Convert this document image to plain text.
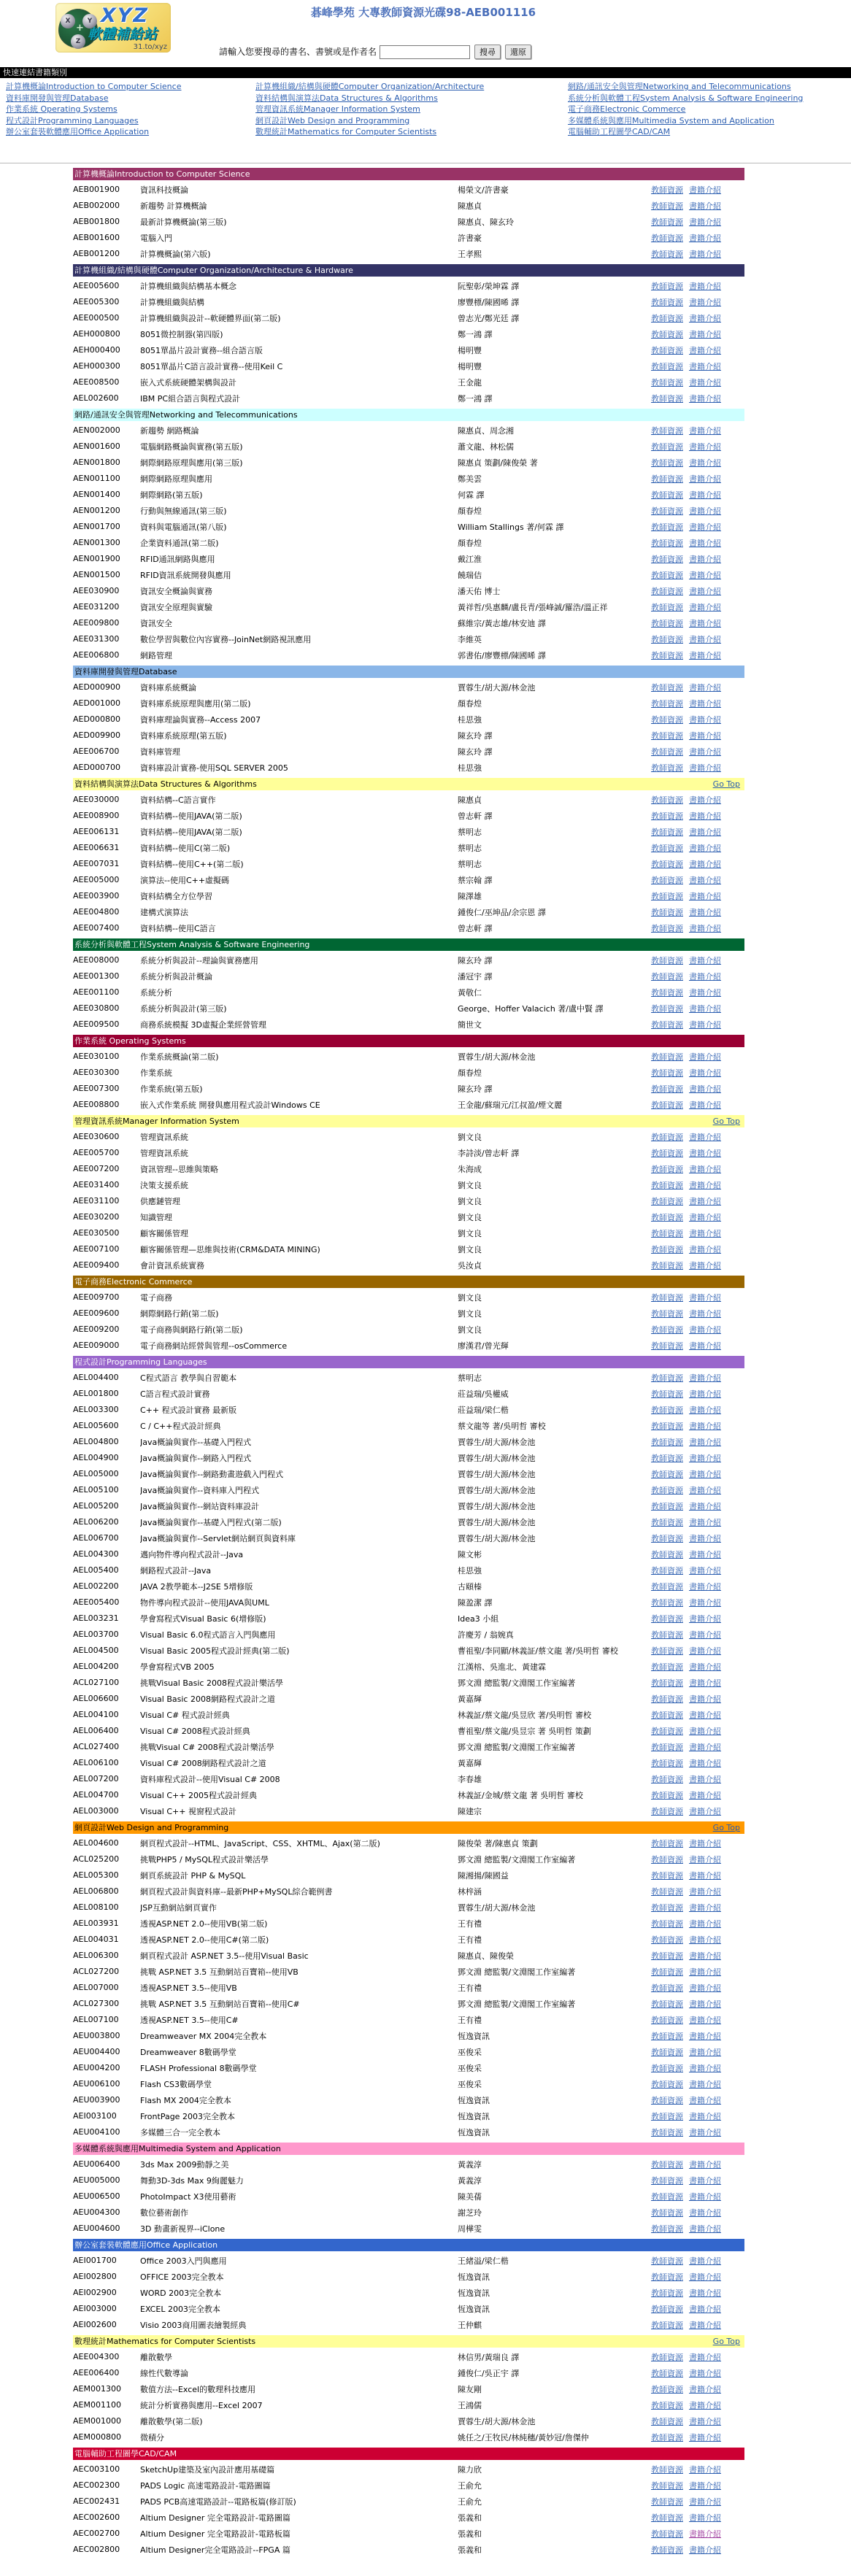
X	Y
Z
+
XYZ
軟體補給站
31.to/xyz
碁峰學苑 大專教師資源光碟98-AEB001116
請輸入您要搜尋的書名、書號或是作者名	搜尋 還原
快速連結書籍類別
計算機概論Introduction to Computer Science
資料庫開發與管理Database
作業系統 Operating Systems
程式設計Programming Languages
辦公室套裝軟體應用Office Application
計算機組織/結構與硬體Computer Organization/Architecture
資料結構與演算法Data Structures & Algorithms
管理資訊系統Manager Information System
網頁設計Web Design and Programming
數理統計Mathematics for Computer Scientists
網路/通訊安全與管理Networking and Telecommunications
系統分析與軟體工程System Analysis & Software Engineering
電子商務Electronic Commerce
多媒體系統與應用Multimedia System and Application
電腦輔助工程圖學CAD/CAM
計算機概論Introduction to Computer Science
AEB001900	資訊科技概論	楊榮文/許書豪	教師資源 書籍介紹
AEB002000	新趨勢 計算機概論	陳惠貞	教師資源 書籍介紹
AEB001800	最新計算機概論(第三版)	陳惠貞、陳玄玲	教師資源 書籍介紹
AEB001600	電腦入門	許書豪	教師資源 書籍介紹
AEB001200	計算機概論(第六版)	王孝熙	教師資源 書籍介紹
計算機組織/結構與硬體Computer Organization/Architecture & Hardware
AEE005600	計算機組織與結構基本概念	阮聖彰/榮坤霖 譯	教師資源 書籍介紹
AEE005300	計算機組織與結構	廖豐標/陳國晞 譯	教師資源 書籍介紹
AEE000500	計算機組織與設計--軟硬體界面(第二版)	曾志光/鄭光廷 譯	教師資源 書籍介紹
AEH000800	8051微控制器(第四版)	鄭一鴻 譯	教師資源 書籍介紹
AEH000400	8051單晶片設計實務--組合語言版	楊明豐	教師資源 書籍介紹
AEH000300	8051單晶片C語言設計實務--使用Keil C	楊明豐	教師資源 書籍介紹
AEE008500	嵌入式系統硬體架構與設計	王金龍	教師資源 書籍介紹
AEL002600	IBM PC組合語言與程式設計	鄭一鴻 譯	教師資源 書籍介紹
網路/通訊安全與管理Networking and Telecommunications
AEN002000	新趨勢 網路概論	陳惠貞、周念湘	教師資源 書籍介紹
AEN001600	電腦網路概論與實務(第五版)	蕭文龍、林松儒	教師資源 書籍介紹
AEN001800	網際網路原理與應用(第三版)	陳惠貞 策劃/陳俊榮 著	教師資源 書籍介紹
AEN001100	網際網路原理與應用	鄭美雲	教師資源 書籍介紹
AEN001400	網際網路(第五版)	何霖 譯	教師資源 書籍介紹
AEN001200	行動與無線通訊(第三版)	顏春煌	教師資源 書籍介紹
AEN001700	資料與電腦通訊(第八版)	William Stallings 著/何霖 譯	教師資源 書籍介紹
AEN001300	企業資料通訊(第二版)	顏春煌	教師資源 書籍介紹
AEN001900	RFID通訊網路與應用	戴江淮	教師資源 書籍介紹
AEN001500	RFID資訊系統開發與應用	饒瑞佶	教師資源 書籍介紹
AEE030900	資訊安全概論與實務	潘天佑 博士	教師資源 書籍介紹
AEE031200	資訊安全原理與實驗	黃祥哲/吳惠麟/盧長青/張峰誠/羅浩/溫正祥	教師資源 書籍介紹
AEE009800	資訊安全	蘇維宗/黃志雄/林安迪 譯	教師資源 書籍介紹
AEE031300	數位學習與數位內容實務--JoinNet網路視訊應用	李維英	教師資源 書籍介紹
AEE006800	網路管理	郭書佑/廖豐標/陳國晞 譯	教師資源 書籍介紹
資料庫開發與管理Database
AED000900	資料庫系統概論	賈蓉生/胡大源/林金池	教師資源 書籍介紹
AED001000	資料庫系統原理與應用(第二版)	顏春煌	教師資源 書籍介紹
AED000800	資料庫理論與實務--Access 2007	桂思強	教師資源 書籍介紹
AED009900	資料庫系統原理(第五版)	陳玄玲 譯	教師資源 書籍介紹
AEE006700	資料庫管理	陳玄玲 譯	教師資源 書籍介紹
AED000700	資料庫設計實務-使用SQL SERVER 2005	桂思強	教師資源 書籍介紹
資料結構與演算法Data Structures & Algorithms	Go Top
AEE030000	資料結構--C語言實作	陳惠貞	教師資源 書籍介紹
AEE008900	資料結構--使用JAVA(第二版)	曾志軒 譯	教師資源 書籍介紹
AEE006131	資料結構--使用JAVA(第二版)	蔡明志	教師資源 書籍介紹
AEE006631	資料結構--使用C(第二版)	蔡明志	教師資源 書籍介紹
AEE007031	資料結構--使用C++(第二版)	蔡明志	教師資源 書籍介紹
AEE005000	演算法--使用C++虛擬碼	蔡宗翰 譯	教師資源 書籍介紹
AEE003900	資料結構全方位學習	陳澤雄	教師資源 書籍介紹
AEE004800	建構式演算法	鍾俊仁/巫坤品/余宗恩 譯	教師資源 書籍介紹
AEE007400	資料結構--使用C語言	曾志軒 譯	教師資源 書籍介紹
系統分析與軟體工程System Analysis & Software Engineering
AEE008000	系統分析與設計--理論與實務應用	陳玄玲 譯	教師資源 書籍介紹
AEE001300	系統分析與設計概論	潘冠宇 譯	教師資源 書籍介紹
AEE001100	系統分析	黃敬仁	教師資源 書籍介紹
AEE030800	系統分析與設計(第三版)	George、Hoffer Valacich 著/盧中賢 譯	教師資源 書籍介紹
AEE009500	商務系統模擬 3D虛擬企業經營管理	簡世文	教師資源 書籍介紹
作業系統 Operating Systems
AEE030100	作業系統概論(第二版)	賈蓉生/胡大源/林金池	教師資源 書籍介紹
AEE030300	作業系統	顏春煌	教師資源 書籍介紹
AEE007300	作業系統(第五版)	陳玄玲 譯	教師資源 書籍介紹
AEE008800	嵌入式作業系統 開發與應用程式設計Windows CE	王金龍/蘇瑞元/江叔盈/煙文麗	教師資源 書籍介紹
管理資訊系統Manager Information System	Go Top
AEE030600	管理資訊系統	劉文良	教師資源 書籍介紹
AEE005700	管理資訊系統	李詩淡/曾志軒 譯	教師資源 書籍介紹
AEE007200	資訊管理--思維與策略	朱海成	教師資源 書籍介紹
AEE031400	決策支援系統	劉文良	教師資源 書籍介紹
AEE031100	供應鏈管理	劉文良	教師資源 書籍介紹
AEE030200	知識管理	劉文良	教師資源 書籍介紹
AEE030500	顧客關係管理	劉文良	教師資源 書籍介紹
AEE007100	顧客關係管理—思維與技術(CRM&DATA MINING)	劉文良	教師資源 書籍介紹
AEE009400	會計資訊系統實務	吳汝貞	教師資源 書籍介紹
電子商務Electronic Commerce
AEE009700	電子商務	劉文良	教師資源 書籍介紹
AEE009600	網際網路行銷(第二版)	劉文良	教師資源 書籍介紹
AEE009200	電子商務與網路行銷(第二版)	劉文良	教師資源 書籍介紹
AEE009000	電子商務網站經營與管理--osCommerce	廖漢君/曾光輝	教師資源 書籍介紹
程式設計Programming Languages
AEL004400	C程式語言 教學與自習範本	蔡明志	教師資源 書籍介紹
AEL001800	C語言程式設計實務	莊益瑞/吳權威	教師資源 書籍介紹
AEL003300	C++ 程式設計實務 最新版	莊益瑞/梁仁楷	教師資源 書籍介紹
AEL005600	C / C++程式設計經典	蔡文龍等 著/吳明哲 審校	教師資源 書籍介紹
AEL004800	Java概論與實作--基礎入門程式	賈蓉生/胡大源/林金池	教師資源 書籍介紹
AEL004900	Java概論與實作--網路入門程式	賈蓉生/胡大源/林金池	教師資源 書籍介紹
AEL005000	Java概論與實作--網路動畫遊戲入門程式	賈蓉生/胡大源/林金池	教師資源 書籍介紹
AEL005100	Java概論與實作--資料庫入門程式	賈蓉生/胡大源/林金池	教師資源 書籍介紹
AEL005200	Java概論與實作--網站資料庫設計	賈蓉生/胡大源/林金池	教師資源 書籍介紹
AEL006200	Java概論與實作--基礎入門程式(第二版)	賈蓉生/胡大源/林金池	教師資源 書籍介紹
AEL006700	Java概論與實作--Servlet網站網頁與資料庫	賈蓉生/胡大源/林金池	教師資源 書籍介紹
AEL004300	邁向物件導向程式設計--Java	陳文彬	教師資源 書籍介紹
AEL005400	網路程式設計--Java	桂思強	教師資源 書籍介紹
AEL002200	JAVA 2教學範本--J2SE 5增修版	古頤榛	教師資源 書籍介紹
AEE005400	物件導向程式設計--使用JAVA與UML	陳盈潔 譯	教師資源 書籍介紹
AEL003231	學會寫程式Visual Basic 6(增修版)	Idea3 小組	教師資源 書籍介紹
AEL003700	Visual Basic 6.0程式語言入門與應用	許慶芳 / 翁婉真	教師資源 書籍介紹
AEL004500	Visual Basic 2005程式設計經典(第二版)	曹祖聖/李同顯/林義証/蔡文龍 著/吳明哲 審校	教師資源 書籍介紹
AEL004200	學會寫程式VB 2005	江漢榕、吳進北、黃建霖	教師資源 書籍介紹
ACL027100	挑戰Visual Basic 2008程式設計樂活學	鄧文淵 總監製/文淵閣工作室編著	教師資源 書籍介紹
AEL006600	Visual Basic 2008網路程式設計之道	黃嘉輝	教師資源 書籍介紹
AEL004100	Visual C# 程式設計經典	林義証/蔡文龍/吳昱欣 著/吳明哲 審校	教師資源 書籍介紹
AEL006400	Visual C# 2008程式設計經典	曹祖聖/蔡文龍/吳昱宗 著 吳明哲 策劃	教師資源 書籍介紹
ACL027400	挑戰Visual C# 2008程式設計樂活學	鄧文淵 總監製/文淵閣工作室編著	教師資源 書籍介紹
AEL006100	Visual C# 2008網路程式設計之道	黃嘉輝	教師資源 書籍介紹
AEL007200	資料庫程式設計--使用Visual C# 2008	李春雄	教師資源 書籍介紹
AEL004700	Visual C++ 2005程式設計經典	林義証/金城/蔡文龍 著 吳明哲 審校	教師資源 書籍介紹
AEL003000	Visual C++ 視窗程式設計	陳建宗	教師資源 書籍介紹
網頁設計Web Design and Programming	Go Top
AEL004600	網頁程式設計--HTML、JavaScript、CSS、XHTML、Ajax(第二版)	陳俊榮 著/陳惠貞 策劃	教師資源 書籍介紹
ACL025200	挑戰PHP5 / MySQL程式設計樂活學	鄧文淵 總監製/文淵閣工作室編著	教師資源 書籍介紹
AEL005300	網頁系統設計 PHP & MySQL	陳湘揚/陳國益	教師資源 書籍介紹
AEL006800	網頁程式設計與資料庫--最新PHP+MySQL綜合範例書	林梓涵	教師資源 書籍介紹
AEL008100	JSP互動網站網頁實作	賈蓉生/胡大源/林金池	教師資源 書籍介紹
AEL003931	透視ASP.NET 2.0--使用VB(第二版)	王有禮	教師資源 書籍介紹
AEL004031	透視ASP.NET 2.0--使用C#(第二版)	王有禮	教師資源 書籍介紹
AEL006300	網頁程式設計 ASP.NET 3.5--使用Visual Basic	陳惠貞、陳俊榮	教師資源 書籍介紹
ACL027200	挑戰 ASP.NET 3.5 互動網站百寶箱--使用VB	鄧文淵 總監製/文淵閣工作室編著	教師資源 書籍介紹
AEL007000	透視ASP.NET 3.5--使用VB	王有禮	教師資源 書籍介紹
ACL027300	挑戰 ASP.NET 3.5 互動網站百寶箱--使用C#	鄧文淵 總監製/文淵閣工作室編著	教師資源 書籍介紹
AEL007100	透視ASP.NET 3.5--使用C#	王有禮	教師資源 書籍介紹
AEU003800	Dreamweaver MX 2004完全教本	恆逸資訊	教師資源 書籍介紹
AEU004400	Dreamweaver 8數碼學堂	巫俊采	教師資源 書籍介紹
AEU004200	FLASH Professional 8數碼學堂	巫俊采	教師資源 書籍介紹
AEU006100	Flash CS3數碼學堂	巫俊采	教師資源 書籍介紹
AEU003900	Flash MX 2004完全教本	恆逸資訊	教師資源 書籍介紹
AEI003100	FrontPage 2003完全教本	恆逸資訊	教師資源 書籍介紹
AEU004100	多媒體三合一完全教本	恆逸資訊	教師資源 書籍介紹
多媒體系統與應用Multimedia System and Application
AEU006400	3ds Max 2009動靜之美	黃義淳	教師資源 書籍介紹
AEU005000	舞動3D-3ds Max 9絢麗魅力	黃義淳	教師資源 書籍介紹
AEU006500	PhotoImpact X3使用藝術	陳美蒨	教師資源 書籍介紹
AEU004300	數位藝術創作	謝芝玲	教師資源 書籍介紹
AEU004600	3D 動畫新視界--iClone	周樺雯	教師資源 書籍介紹
辦公室套裝軟體應用Office Application
AEI001700	Office 2003入門與應用	王緒溢/梁仁楷	教師資源 書籍介紹
AEI002800	OFFICE 2003完全教本	恆逸資訊	教師資源 書籍介紹
AEI002900	WORD 2003完全教本	恆逸資訊	教師資源 書籍介紹
AEI003000	EXCEL 2003完全教本	恆逸資訊	教師資源 書籍介紹
AEI002600	Visio 2003商用圖表繪製經典	王仲麒	教師資源 書籍介紹
數理統計Mathematics for Computer Scientists	Go Top
AEE004300	離散數學	林信男/黃瑞良 譯	教師資源 書籍介紹
AEE006400	線性代數導論	鍾俊仁/吳正宇 譯	教師資源 書籍介紹
AEM001300	數值方法--Excel的數理科技應用	陳友剛	教師資源 書籍介紹
AEM001100	統計分析實務與應用--Excel 2007	王鴻儒	教師資源 書籍介紹
AEM001000	離散數學(第二版)	賈蓉生/胡大源/林金池	教師資源 書籍介紹
AEM000800	微積分	姚任之/王牧民/林純穗/黃妙冠/詹傑仲	教師資源 書籍介紹
電腦輔助工程圖學CAD/CAM
AEC003100	SketchUp建築及室內設計應用基礎篇	陳力欣	教師資源 書籍介紹
AEC002300	PADS Logic 高速電路設計-電路圖篇	王俞允	教師資源 書籍介紹
AEC002431	PADS PCB高速電路設計--電路板篇(修訂版)	王俞允	教師資源 書籍介紹
AEC002600	Altium Designer 完全電路設計-電路圖篇	張義和	教師資源 書籍介紹
AEC002700	Altium Designer 完全電路設計-電路板篇	張義和	教師資源 書籍介紹
AEC002800	Altium Designer完全電路設計--FPGA 篇	張義和	教師資源 書籍介紹
